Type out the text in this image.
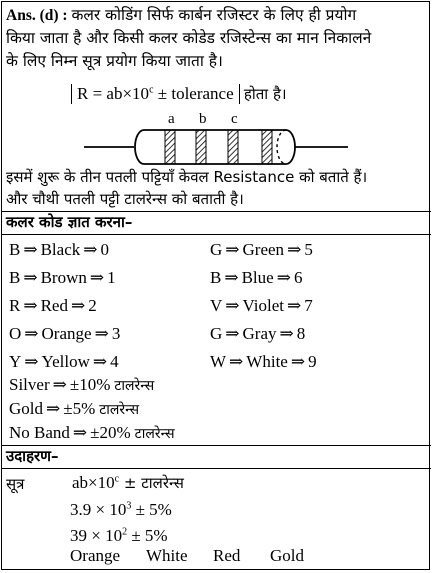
Ans. (d) : कलर कोडिंग सिर्फ कार्बन रजिस्टर के लिए ही प्रयोग
किया जाता है और किसी कलर कोडेड रजिस्टेन्स का मान निकालने
के लिए निम्न सूत्र प्रयोग किया जाता है।
$R = ab\times 10^c$ ± tolerance होता है।
a b c
इसमें शुरू के तीन पतली पट्टियाँ केवल Resistance को बताते हैं।
और चौथी पतली पट्टी टालरेन्स को बताती है।
कलर कोड ज्ञात करना–
B ⇒ Black ⇒ 0
B ⇒ Brown ⇒ 1
R ⇒ Red ⇒ 2
O ⇒ Orange ⇒ 3
Y ⇒ Yellow ⇒ 4
G ⇒ Green ⇒ 5
B ⇒ Blue ⇒ 6
V ⇒ Violet ⇒ 7
G ⇒ Gray ⇒ 8
W ⇒ White ⇒ 9
Silver ⇒ ±10% टालरेन्स
Gold ⇒ ±5% टालरेन्स
No Band ⇒ ±20% टालरेन्स
उदाहरण–
सूत्र	$ab\times 10^c$ ± टालरेन्स
$3.9 \times 10^3 \pm 5\%$
$39 \times 10^2 \pm 5\%$
Orange White Red Gold
